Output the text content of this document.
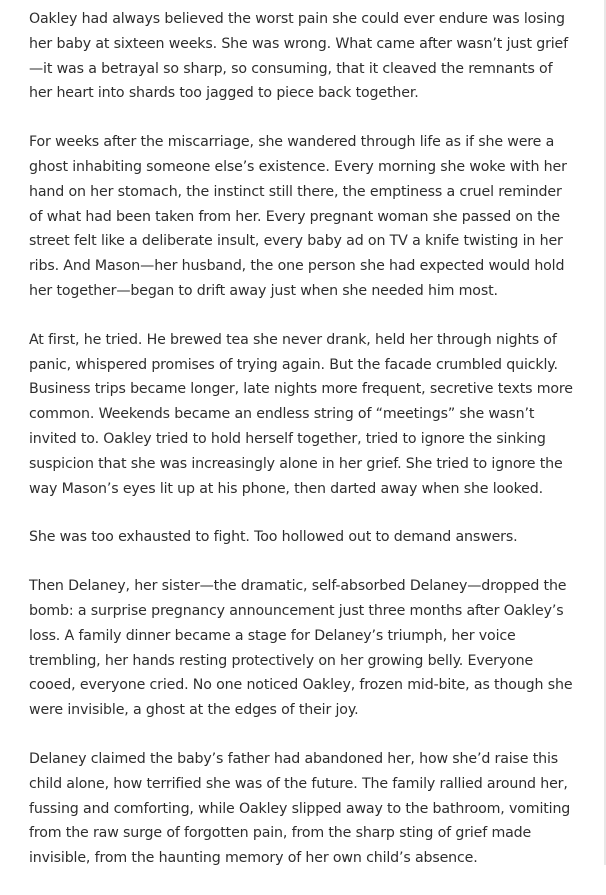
Oakley had always believed the worst pain she could ever endure was losing her baby at sixteen weeks. She was wrong. What came after wasn’t just grief—it was a betrayal so sharp, so consuming, that it cleaved the remnants of her heart into shards too jagged to piece back together.

For weeks after the miscarriage, she wandered through life as if she were a ghost inhabiting someone else’s existence. Every morning she woke with her hand on her stomach, the instinct still there, the emptiness a cruel reminder of what had been taken from her. Every pregnant woman she passed on the street felt like a deliberate insult, every baby ad on TV a knife twisting in her ribs. And Mason—her husband, the one person she had expected would hold her together—began to drift away just when she needed him most.

At first, he tried. He brewed tea she never drank, held her through nights of panic, whispered promises of trying again. But the facade crumbled quickly. Business trips became longer, late nights more frequent, secretive texts more common. Weekends became an endless string of “meetings” she wasn’t invited to. Oakley tried to hold herself together, tried to ignore the sinking suspicion that she was increasingly alone in her grief. She tried to ignore the way Mason’s eyes lit up at his phone, then darted away when she looked.

She was too exhausted to fight. Too hollowed out to demand answers.

Then Delaney, her sister—the dramatic, self-absorbed Delaney—dropped the bomb: a surprise pregnancy announcement just three months after Oakley’s loss. A family dinner became a stage for Delaney’s triumph, her voice trembling, her hands resting protectively on her growing belly. Everyone cooed, everyone cried. No one noticed Oakley, frozen mid-bite, as though she were invisible, a ghost at the edges of their joy.

Delaney claimed the baby’s father had abandoned her, how she’d raise this child alone, how terrified she was of the future. The family rallied around her, fussing and comforting, while Oakley slipped away to the bathroom, vomiting from the raw surge of forgotten pain, from the sharp sting of grief made invisible, from the haunting memory of her own child’s absence.
